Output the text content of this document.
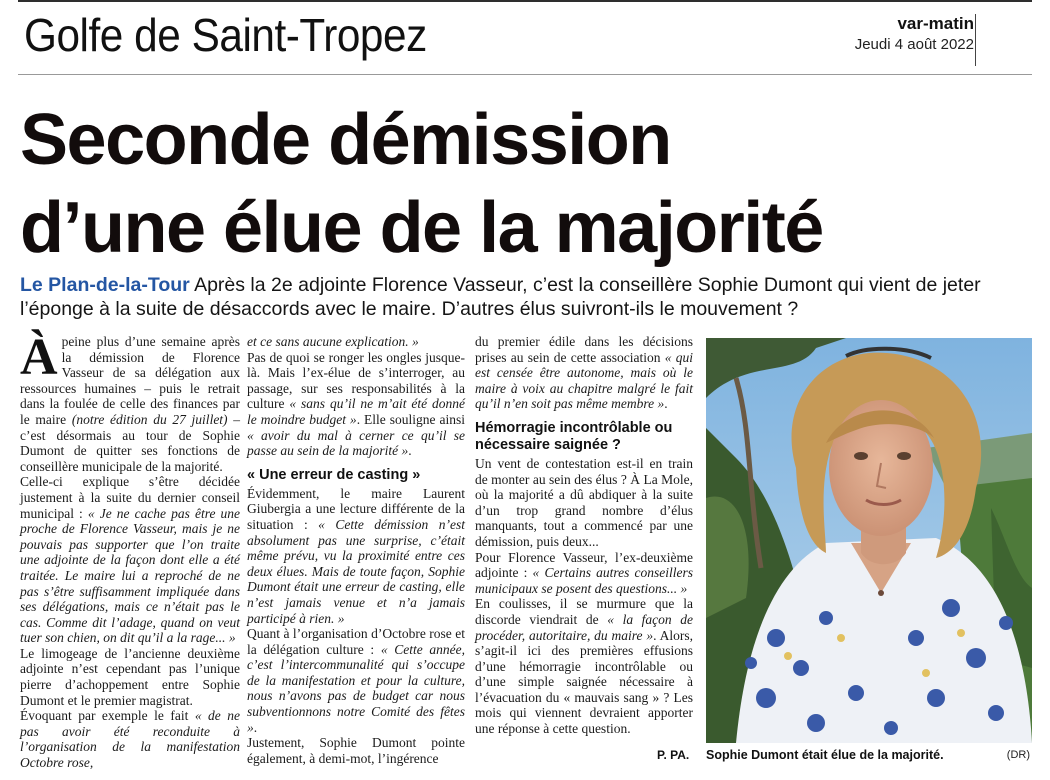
Golfe de Saint-Tropez	var-matin
Jeudi 4 août 2022
Seconde démission
d’une élue de la majorité
Le Plan-de-la-Tour Après la 2e adjointe Florence Vasseur, c’est la conseillère Sophie Dumont qui vient de jeter l’éponge à la suite de désaccords avec le maire. D’autres élus suivront-ils le mouvement ?

À peine plus d’une semaine après la démission de Florence Vasseur de sa délégation aux ressources humaines – puis le retrait dans la foulée de celle des finances par le maire (notre édition du 27 juillet) – c’est désormais au tour de Sophie Dumont de quitter ses fonctions de conseillère municipale de la majorité.

Celle-ci explique s’être décidée justement à la suite du dernier conseil municipal : « Je ne cache pas être une proche de Florence Vasseur, mais je ne pouvais pas supporter que l’on traite une adjointe de la façon dont elle a été traitée. Le maire lui a reproché de ne pas s’être suffisamment impliquée dans ses délégations, mais ce n’était pas le cas. Comme dit l’adage, quand on veut tuer son chien, on dit qu’il a la rage... »

Le limogeage de l’ancienne deuxième adjointe n’est cependant pas l’unique pierre d’achoppement entre Sophie Dumont et le premier magistrat.

Évoquant par exemple le fait « de ne pas avoir été reconduite à l’organisation de la manifestation Octobre rose,

et ce sans aucune explication. »

Pas de quoi se ronger les ongles jusque-là. Mais l’ex-élue de s’interroger, au passage, sur ses responsabilités à la culture « sans qu’il ne m’ait été donné le moindre budget ». Elle souligne ainsi « avoir du mal à cerner ce qu’il se passe au sein de la majorité ».

« Une erreur de casting »

Évidemment, le maire Laurent Giubergia a une lecture différente de la situation : « Cette démission n’est absolument pas une surprise, c’était même prévu, vu la proximité entre ces deux élues. Mais de toute façon, Sophie Dumont était une erreur de casting, elle n’est jamais venue et n’a jamais participé à rien. »

Quant à l’organisation d’Octobre rose et la délégation culture : « Cette année, c’est l’intercommunalité qui s’occupe de la manifestation et pour la culture, nous n’avons pas de budget car nous subventionnons notre Comité des fêtes ».

Justement, Sophie Dumont pointe également, à demi-mot, l’ingérence

du premier édile dans les décisions prises au sein de cette association « qui est censée être autonome, mais où le maire à voix au chapitre malgré le fait qu’il n’en soit pas même membre ».

Hémorragie incontrôlable ou nécessaire saignée ?

Un vent de contestation est-il en train de monter au sein des élus ? À La Mole, où la majorité a dû abdiquer à la suite d’un trop grand nombre d’élus manquants, tout a commencé par une démission, puis deux...

Pour Florence Vasseur, l’ex-deuxième adjointe : « Certains autres conseillers municipaux se posent des questions... »

En coulisses, il se murmure que la discorde viendrait de « la façon de procéder, autoritaire, du maire ». Alors, s’agit-il ici des premières effusions d’une hémorragie incontrôlable ou d’une simple saignée nécessaire à l’évacuation du « mauvais sang » ? Les mois qui viennent devraient apporter une réponse à cette question.

P. PA. Sophie Dumont était élue de la majorité.	(DR)
